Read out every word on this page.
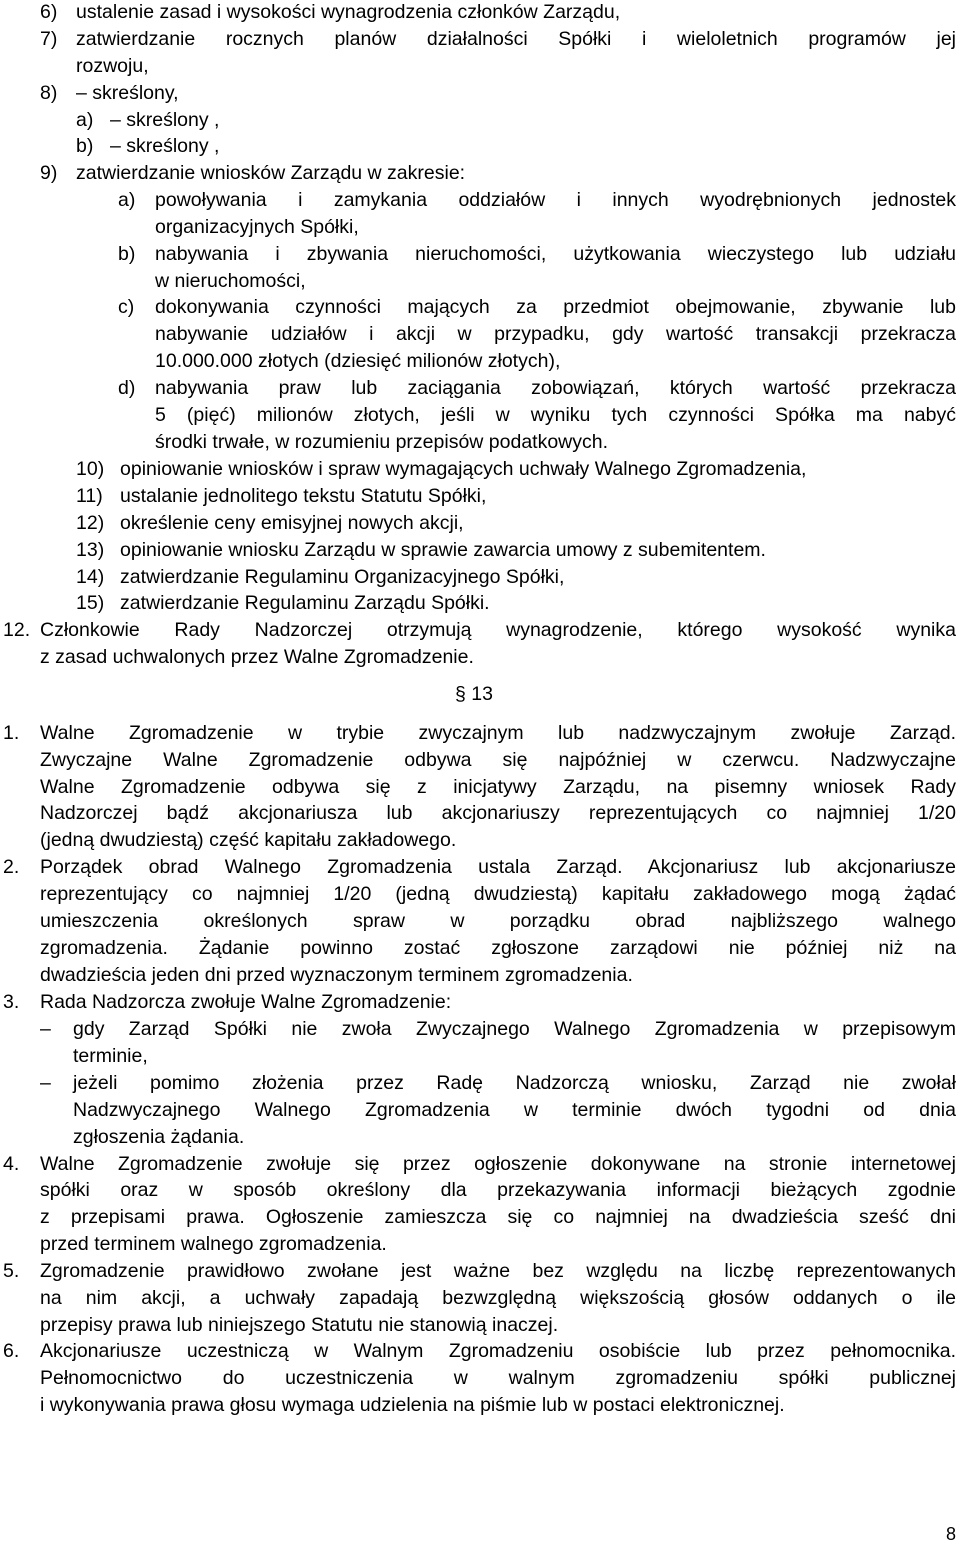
6) ustalenie zasad i wysokości wynagrodzenia członków Zarządu,
7) zatwierdzanie rocznych planów działalności Spółki i wieloletnich programów jej
rozwoju,
8) – skreślony,
a) – skreślony ,
b) – skreślony ,
9) zatwierdzanie wniosków Zarządu w zakresie:
a) powoływania i zamykania oddziałów i innych wyodrębnionych jednostek
organizacyjnych Spółki,
b) nabywania i zbywania nieruchomości, użytkowania wieczystego lub udziału
w nieruchomości,
c) dokonywania czynności mających za przedmiot obejmowanie, zbywanie lub
nabywanie udziałów i akcji w przypadku, gdy wartość transakcji przekracza
10.000.000 złotych (dziesięć milionów złotych),
d) nabywania praw lub zaciągania zobowiązań, których wartość przekracza
5 (pięć) milionów złotych, jeśli w wyniku tych czynności Spółka ma nabyć
środki trwałe, w rozumieniu przepisów podatkowych.
10) opiniowanie wniosków i spraw wymagających uchwały Walnego Zgromadzenia,
11) ustalanie jednolitego tekstu Statutu Spółki,
12) określenie ceny emisyjnej nowych akcji,
13) opiniowanie wniosku Zarządu w sprawie zawarcia umowy z subemitentem.
14) zatwierdzanie Regulaminu Organizacyjnego Spółki,
15) zatwierdzanie Regulaminu Zarządu Spółki.
12. Członkowie Rady Nadzorczej otrzymują wynagrodzenie, którego wysokość wynika
z zasad uchwalonych przez Walne Zgromadzenie.
§ 13
1. Walne Zgromadzenie w trybie zwyczajnym lub nadzwyczajnym zwołuje Zarząd.
Zwyczajne Walne Zgromadzenie odbywa się najpóźniej w czerwcu. Nadzwyczajne
Walne Zgromadzenie odbywa się z inicjatywy Zarządu, na pisemny wniosek Rady
Nadzorczej bądź akcjonariusza lub akcjonariuszy reprezentujących co najmniej 1/20
(jedną dwudziestą) część kapitału zakładowego.
2. Porządek obrad Walnego Zgromadzenia ustala Zarząd. Akcjonariusz lub akcjonariusze
reprezentujący co najmniej 1/20 (jedną dwudziestą) kapitału zakładowego mogą żądać
umieszczenia określonych spraw w porządku obrad najbliższego walnego
zgromadzenia. Żądanie powinno zostać zgłoszone zarządowi nie później niż na
dwadzieścia jeden dni przed wyznaczonym terminem zgromadzenia.
3. Rada Nadzorcza zwołuje Walne Zgromadzenie:
– gdy Zarząd Spółki nie zwoła Zwyczajnego Walnego Zgromadzenia w przepisowym
terminie,
– jeżeli pomimo złożenia przez Radę Nadzorczą wniosku, Zarząd nie zwołał
Nadzwyczajnego Walnego Zgromadzenia w terminie dwóch tygodni od dnia
zgłoszenia żądania.
4. Walne Zgromadzenie zwołuje się przez ogłoszenie dokonywane na stronie internetowej
spółki oraz w sposób określony dla przekazywania informacji bieżących zgodnie
z przepisami prawa. Ogłoszenie zamieszcza się co najmniej na dwadzieścia sześć dni
przed terminem walnego zgromadzenia.
5. Zgromadzenie prawidłowo zwołane jest ważne bez względu na liczbę reprezentowanych
na nim akcji, a uchwały zapadają bezwzględną większością głosów oddanych o ile
przepisy prawa lub niniejszego Statutu nie stanowią inaczej.
6. Akcjonariusze uczestniczą w Walnym Zgromadzeniu osobiście lub przez pełnomocnika.
Pełnomocnictwo do uczestniczenia w walnym zgromadzeniu spółki publicznej
i wykonywania prawa głosu wymaga udzielenia na piśmie lub w postaci elektronicznej.
8
